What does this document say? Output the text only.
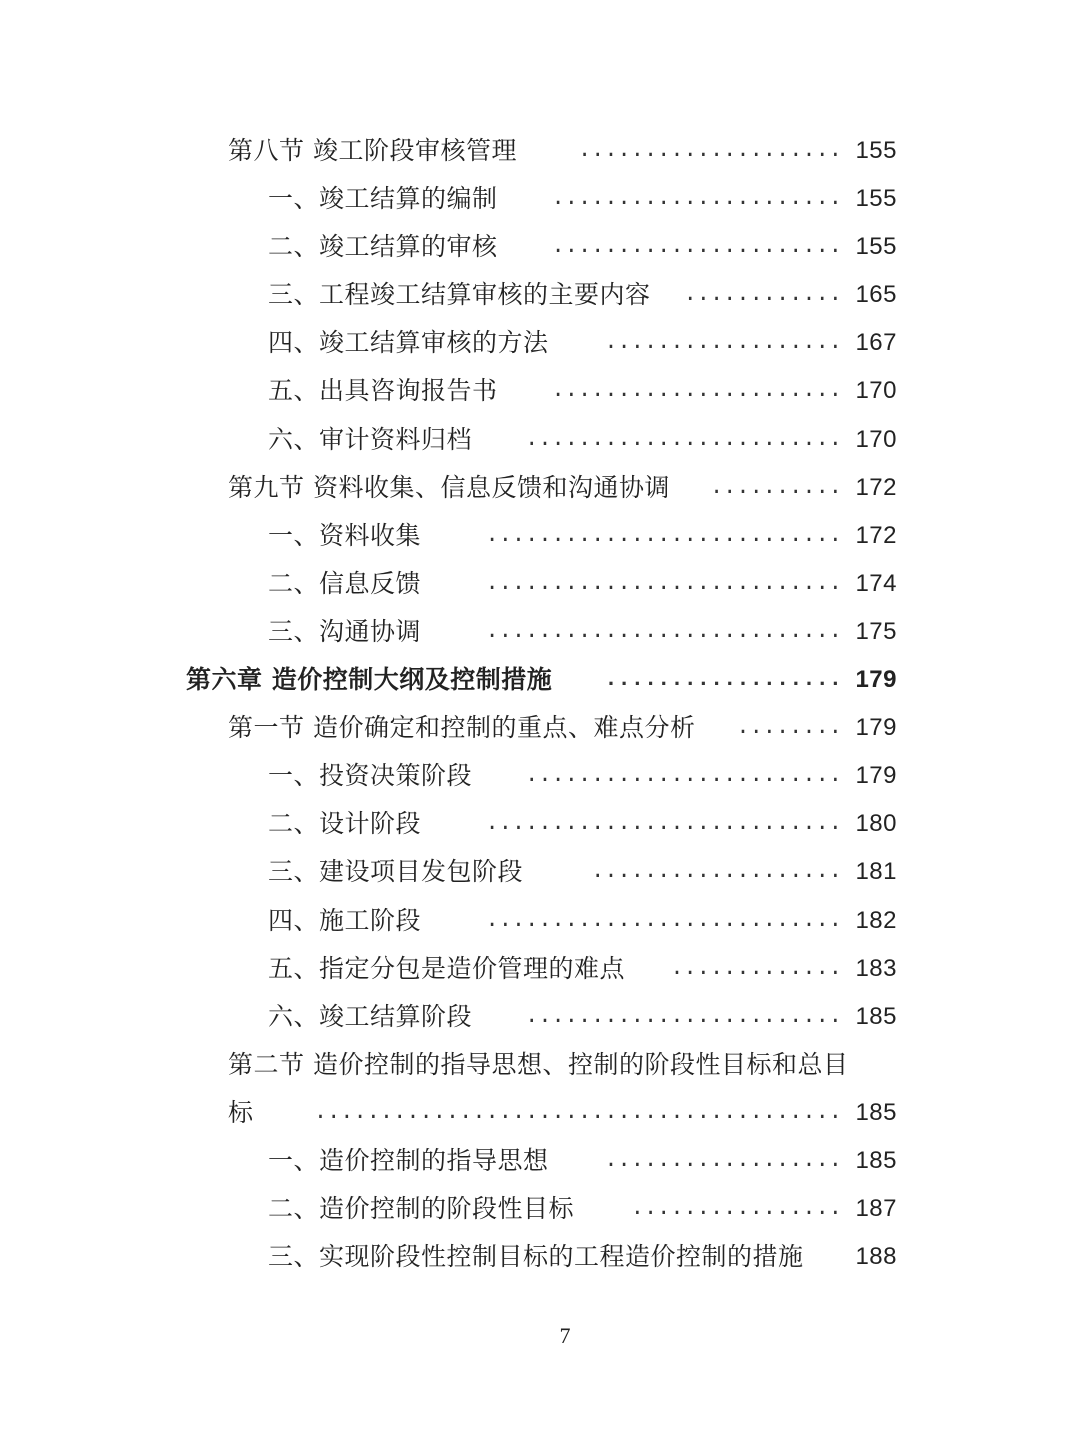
第八节 竣工阶段审核管理	.................... 155
一、竣工结算的编制 ...................... 155
二、竣工结算的审核 ...................... 155
三、工程竣工结算审核的主要内容 ............ 165
四、竣工结算审核的方法	.................. 167
五、出具咨询报告书 ...................... 170
六、审计资料归档 ........................ 170
第九节 资料收集、信息反馈和沟通协调 .......... 172
一、资料收集	........................... 172
二、信息反馈	........................... 174
三、沟通协调	........................... 175
第六章 造价控制大纲及控制措施 .................. 179
第一节 造价确定和控制的重点、难点分析 ........ 179
一、投资决策阶段 ........................ 179
二、设计阶段	........................... 180
三、建设项目发包阶段	................... 181
四、施工阶段	........................... 182
五、指定分包是造价管理的难点 ............. 183
六、竣工结算阶段 ........................ 185
第二节 造价控制的指导思想、控制的阶段性目标和总目
标	........................................ 185
一、造价控制的指导思想	.................. 185
二、造价控制的阶段性目标	................ 187
三、实现阶段性控制目标的工程造价控制的措施 188
7
